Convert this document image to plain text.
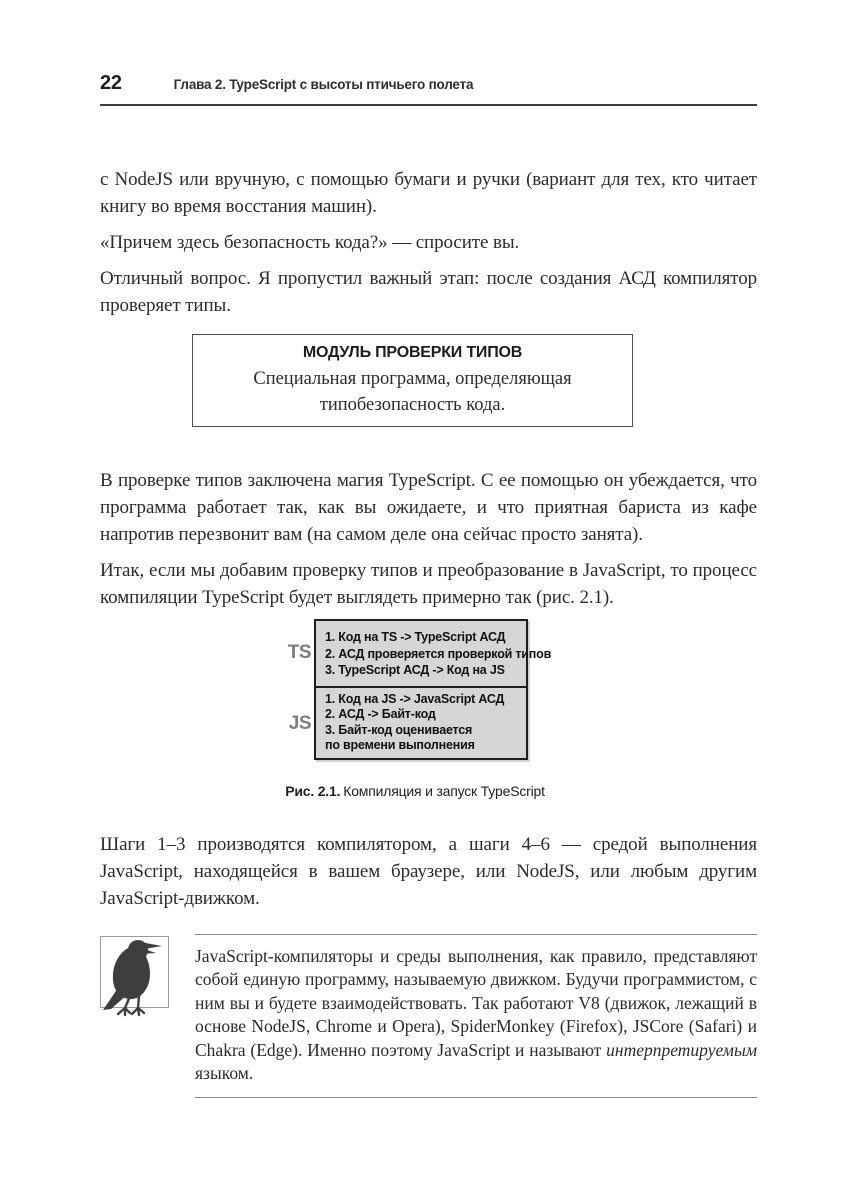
22	Глава 2. TypeScript с высоты птичьего полета

с NodeJS или вручную, с помощью бумаги и ручки (вариант для тех, кто читает книгу во время восстания машин).

«Причем здесь безопасность кода?» — спросите вы.

Отличный вопрос. Я пропустил важный этап: после создания АСД компилятор проверяет типы.

МОДУЛЬ ПРОВЕРКИ ТИПОВ
Специальная программа, определяющая типобезопасность кода.

В проверке типов заключена магия TypeScript. С ее помощью он убеждается, что программа работает так, как вы ожидаете, и что приятная бариста из кафе напротив перезвонит вам (на самом деле она сейчас просто занята).

Итак, если мы добавим проверку типов и преобразование в JavaScript, то процесс компиляции TypeScript будет выглядеть примерно так (рис. 2.1).

TS
1. Код на TS -> TypeScript АСД
2. АСД проверяется проверкой типов
3. TypeScript АСД -> Код на JS
JS
1. Код на JS -> JavaScript АСД
2. АСД -> Байт-код
3. Байт-код оценивается
по времени выполнения
Рис. 2.1. Компиляция и запуск TypeScript

Шаги 1–3 производятся компилятором, а шаги 4–6 — средой выполнения JavaScript, находящейся в вашем браузере, или NodeJS, или любым другим JavaScript-движком.

JavaScript-компиляторы и среды выполнения, как правило, представляют собой единую программу, называемую движком. Будучи программистом, с ним вы и будете взаимодействовать. Так работают V8 (движок, лежащий в основе NodeJS, Chrome и Opera), SpiderMonkey (Firefox), JSCore (Safari) и Chakra (Edge). Именно поэтому JavaScript и называют интерпретируемым языком.
